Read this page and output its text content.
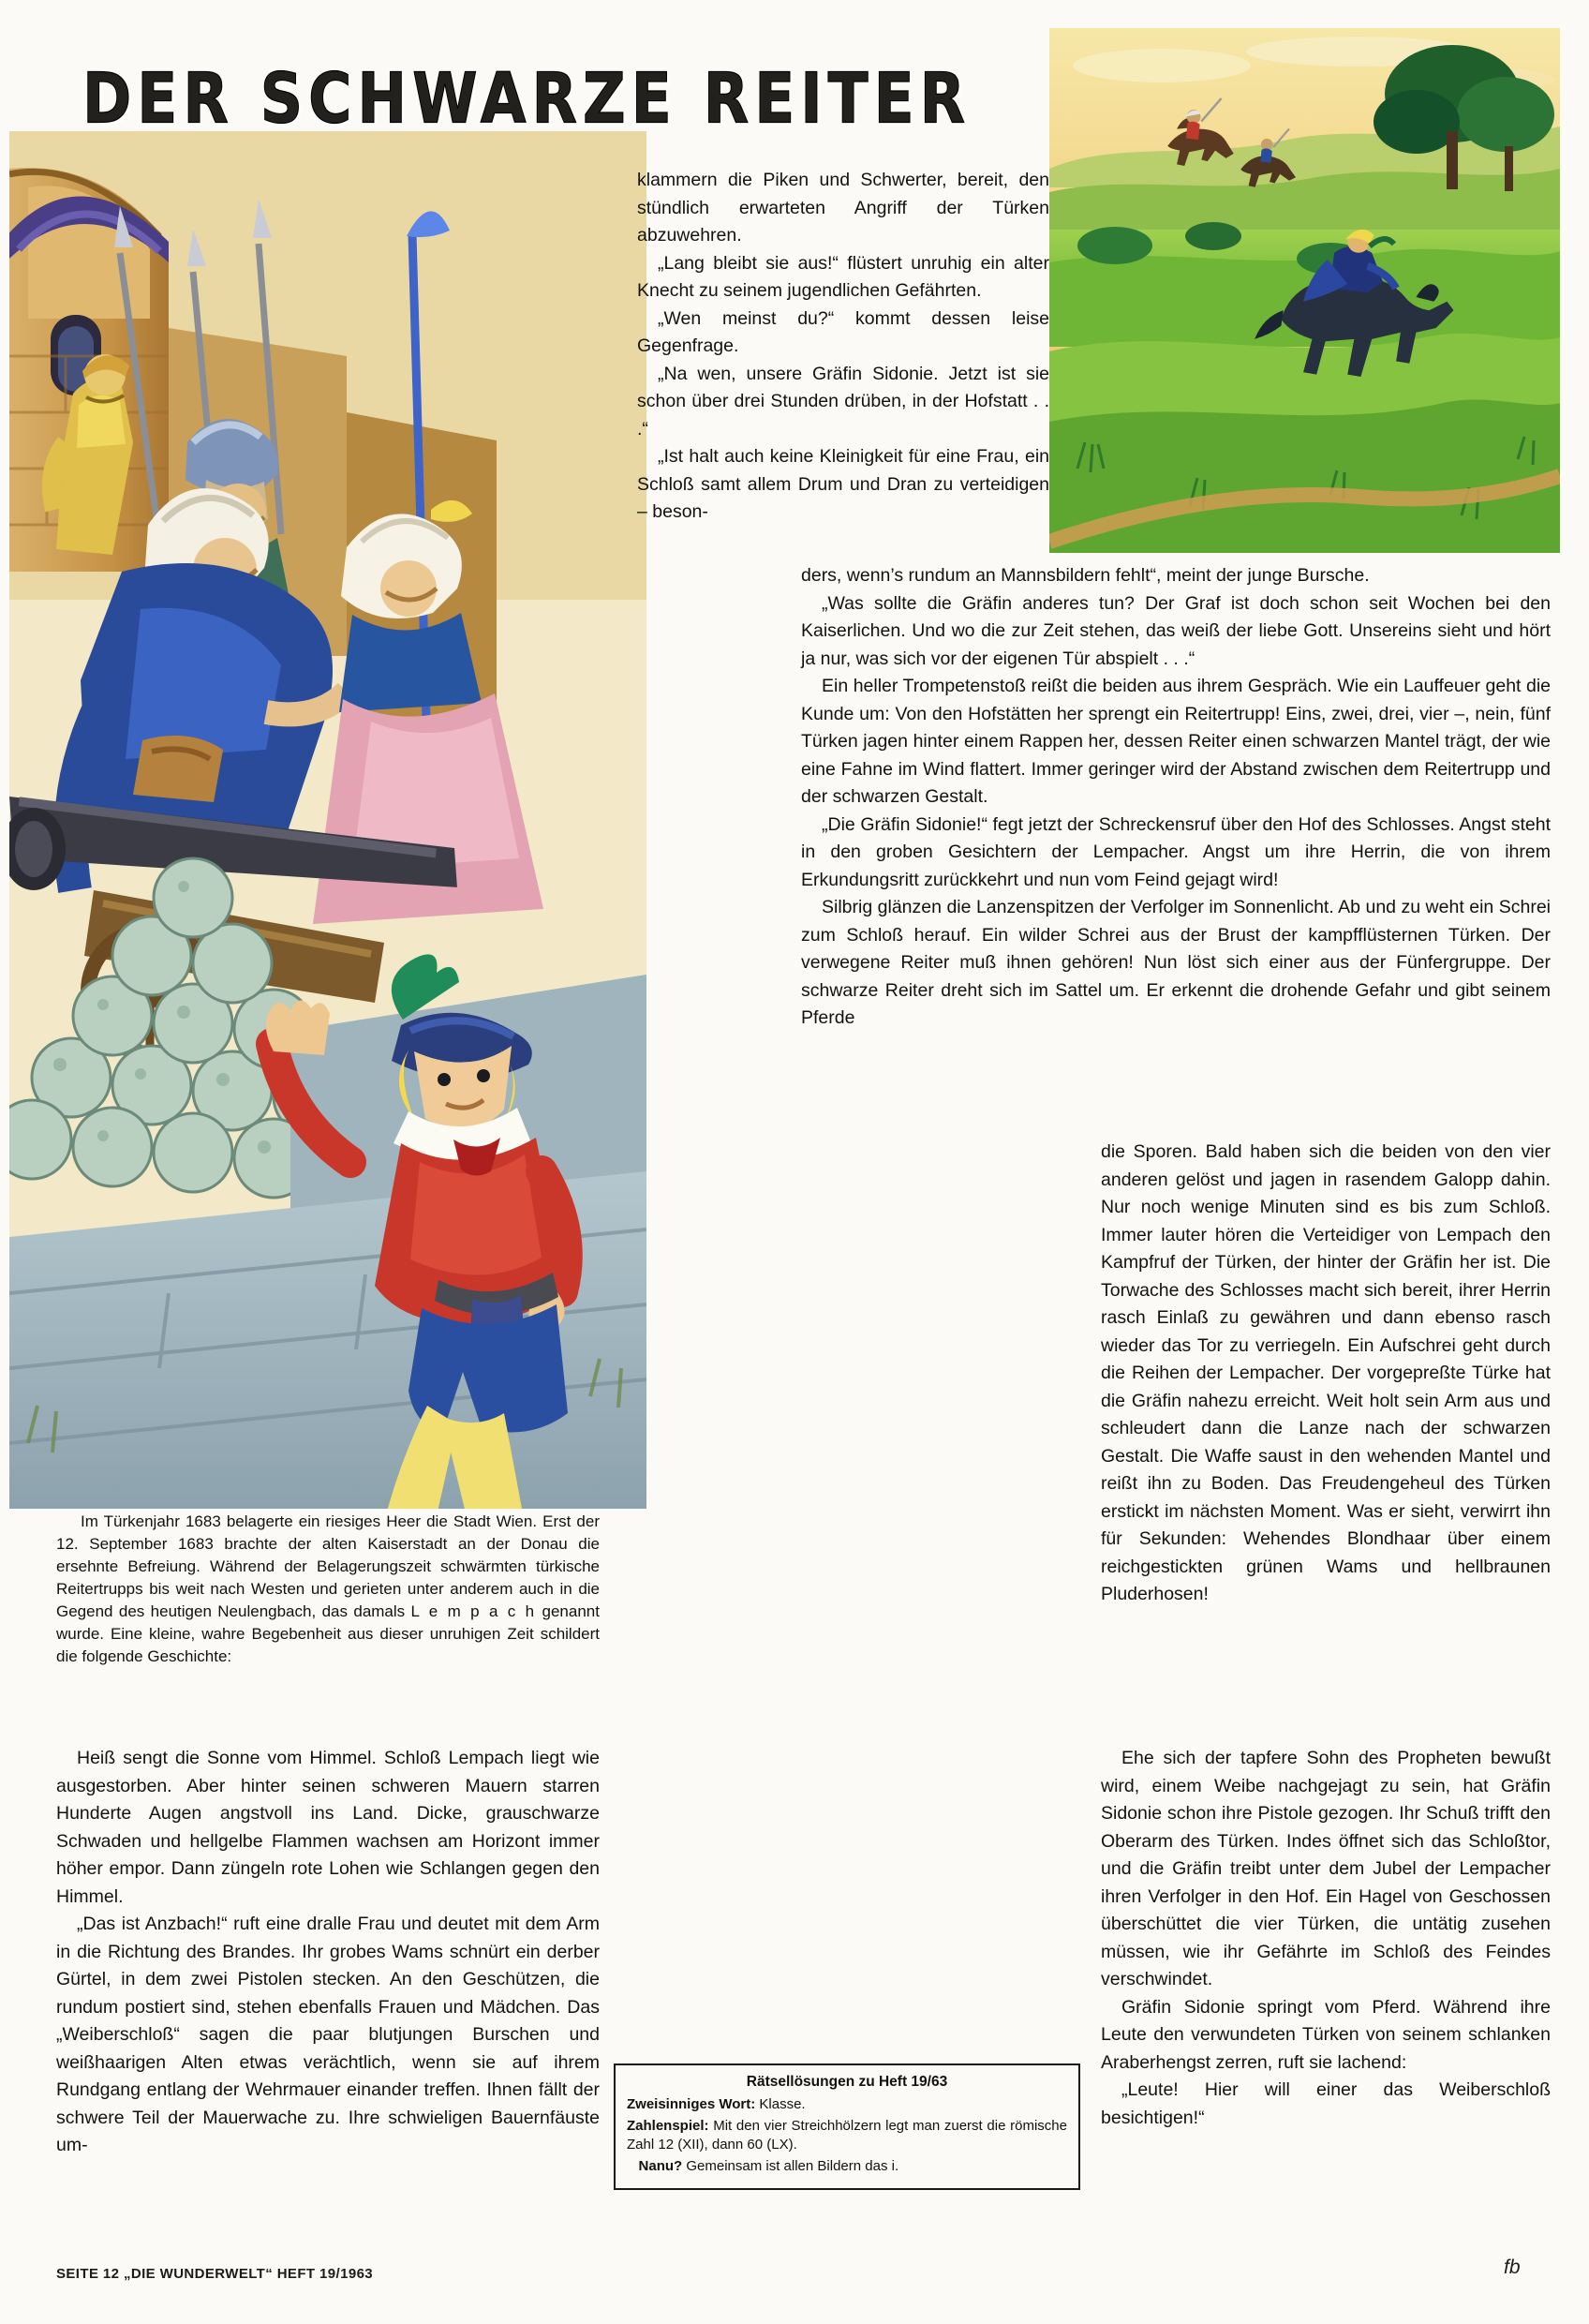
DER SCHWARZE REITER

klammern die Piken und Schwerter, bereit, den stündlich erwarteten Angriff der Türken abzuwehren.

„Lang bleibt sie aus!“ flüstert unruhig ein alter Knecht zu seinem jugendlichen Gefährten.

„Wen meinst du?“ kommt dessen leise Gegenfrage.

„Na wen, unsere Gräfin Sidonie. Jetzt ist sie schon über drei Stunden drüben, in der Hofstatt . . .“

„Ist halt auch keine Kleinigkeit für eine Frau, ein Schloß samt allem Drum und Dran zu verteidigen – beson-

ders, wenn’s rundum an Mannsbildern fehlt“, meint der junge Bursche.

„Was sollte die Gräfin anderes tun? Der Graf ist doch schon seit Wochen bei den Kaiserlichen. Und wo die zur Zeit stehen, das weiß der liebe Gott. Unsereins sieht und hört ja nur, was sich vor der eigenen Tür abspielt . . .“

Ein heller Trompetenstoß reißt die beiden aus ihrem Gespräch. Wie ein Lauffeuer geht die Kunde um: Von den Hofstätten her sprengt ein Reitertrupp! Eins, zwei, drei, vier –, nein, fünf Türken jagen hinter einem Rappen her, dessen Reiter einen schwarzen Mantel trägt, der wie eine Fahne im Wind flattert. Immer geringer wird der Abstand zwischen dem Reitertrupp und der schwarzen Gestalt.

„Die Gräfin Sidonie!“ fegt jetzt der Schreckensruf über den Hof des Schlosses. Angst steht in den groben Gesichtern der Lempacher. Angst um ihre Herrin, die von ihrem Erkundungsritt zurückkehrt und nun vom Feind gejagt wird!

Silbrig glänzen die Lanzenspitzen der Verfolger im Sonnenlicht. Ab und zu weht ein Schrei zum Schloß herauf. Ein wilder Schrei aus der Brust der kampfflüsternen Türken. Der verwegene Reiter muß ihnen gehören! Nun löst sich einer aus der Fünfergruppe. Der schwarze Reiter dreht sich im Sattel um. Er erkennt die drohende Gefahr und gibt seinem Pferde

die Sporen. Bald haben sich die beiden von den vier anderen gelöst und jagen in rasendem Galopp dahin. Nur noch wenige Minuten sind es bis zum Schloß. Immer lauter hören die Verteidiger von Lempach den Kampfruf der Türken, der hinter der Gräfin her ist. Die Torwache des Schlosses macht sich bereit, ihrer Herrin rasch Einlaß zu gewähren und dann ebenso rasch wieder das Tor zu verriegeln. Ein Aufschrei geht durch die Reihen der Lempacher. Der vorgepreßte Türke hat die Gräfin nahezu erreicht. Weit holt sein Arm aus und schleudert dann die Lanze nach der schwarzen Gestalt. Die Waffe saust in den wehenden Mantel und reißt ihn zu Boden. Das Freudengeheul des Türken erstickt im nächsten Moment. Was er sieht, verwirrt ihn für Sekunden: Wehendes Blondhaar über einem reichgestickten grünen Wams und hellbraunen Pluderhosen!

Im Türkenjahr 1683 belagerte ein riesiges Heer die Stadt Wien. Erst der 12. September 1683 brachte der alten Kaiserstadt an der Donau die ersehnte Befreiung. Während der Belagerungszeit schwärmten türkische Reitertrupps bis weit nach Westen und gerieten unter anderem auch in die Gegend des heutigen Neulengbach, das damals L e m p a c h genannt wurde. Eine kleine, wahre Begebenheit aus dieser unruhigen Zeit schildert die folgende Geschichte:

Heiß sengt die Sonne vom Himmel. Schloß Lempach liegt wie ausgestorben. Aber hinter seinen schweren Mauern starren Hunderte Augen angstvoll ins Land. Dicke, grauschwarze Schwaden und hellgelbe Flammen wachsen am Horizont immer höher empor. Dann züngeln rote Lohen wie Schlangen gegen den Himmel.

„Das ist Anzbach!“ ruft eine dralle Frau und deutet mit dem Arm in die Richtung des Brandes. Ihr grobes Wams schnürt ein derber Gürtel, in dem zwei Pistolen stecken. An den Geschützen, die rundum postiert sind, stehen ebenfalls Frauen und Mädchen. Das „Weiberschloß“ sagen die paar blutjungen Burschen und weißhaarigen Alten etwas verächtlich, wenn sie auf ihrem Rundgang entlang der Wehrmauer einander treffen. Ihnen fällt der schwere Teil der Mauerwache zu. Ihre schwieligen Bauernfäuste um-

Ehe sich der tapfere Sohn des Propheten bewußt wird, einem Weibe nachgejagt zu sein, hat Gräfin Sidonie schon ihre Pistole gezogen. Ihr Schuß trifft den Oberarm des Türken. Indes öffnet sich das Schloßtor, und die Gräfin treibt unter dem Jubel der Lempacher ihren Verfolger in den Hof. Ein Hagel von Geschossen überschüttet die vier Türken, die untätig zusehen müssen, wie ihr Gefährte im Schloß des Feindes verschwindet.

Gräfin Sidonie springt vom Pferd. Während ihre Leute den verwundeten Türken von seinem schlanken Araberhengst zerren, ruft sie lachend:

„Leute! Hier will einer das Weiberschloß besichtigen!“

Rätsellösungen zu Heft 19/63
Zweisinniges Wort: Klasse.
Zahlenspiel: Mit den vier Streichhölzern legt man zuerst die römische Zahl 12 (XII), dann 60 (LX).
Nanu? Gemeinsam ist allen Bildern das i.
SEITE 12 „DIE WUNDERWELT“ HEFT 19/1963	fb
